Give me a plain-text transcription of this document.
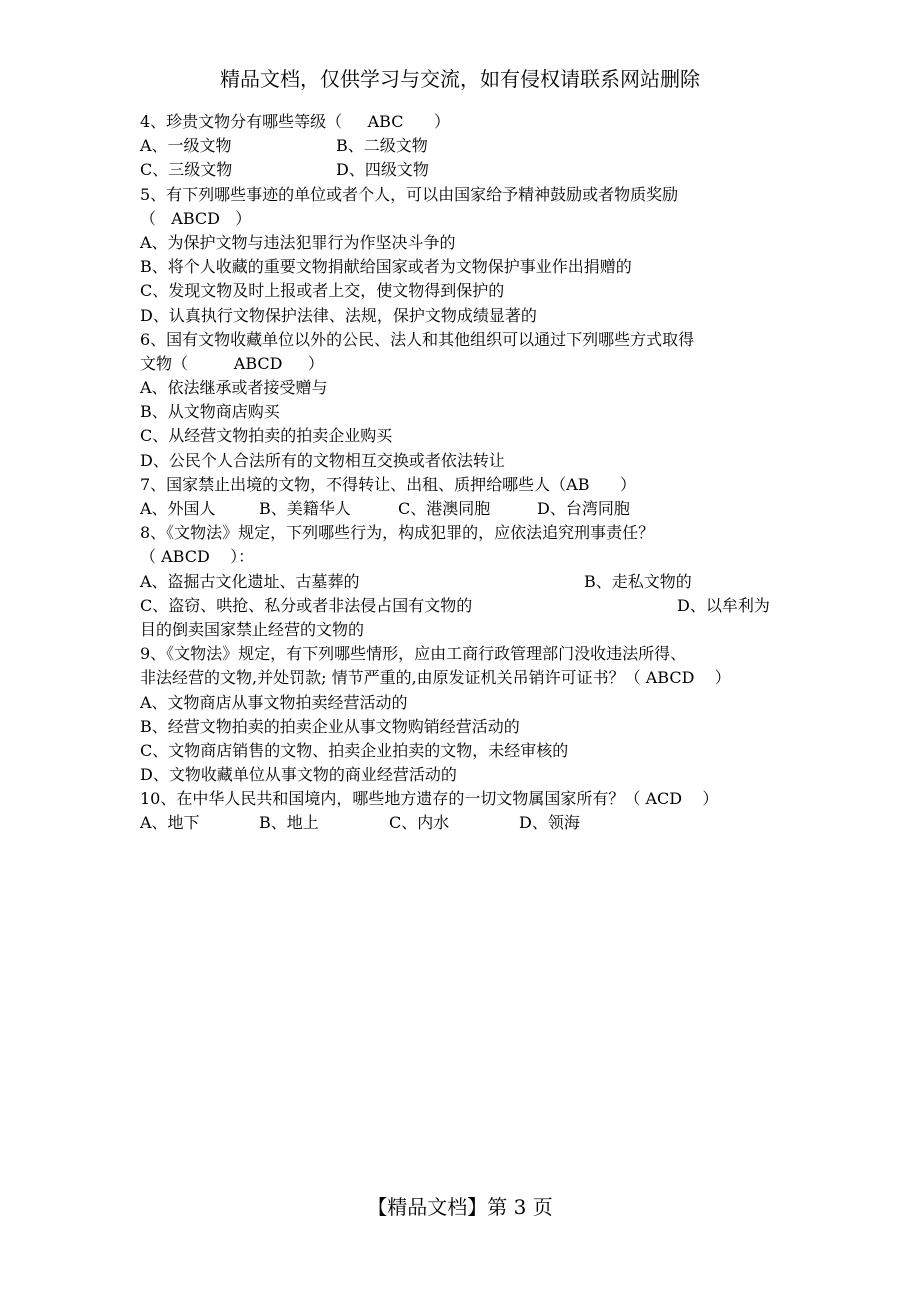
精品文档，仅供学习与交流，如有侵权请联系网站删除
4、珍贵文物分有哪些等级（     ABC      ）
A、一级文物	B、二级文物
C、三级文物	D、四级文物
5、有下列哪些事迹的单位或者个人，可以由国家给予精神鼓励或者物质奖励
（   ABCD   ）
A、为保护文物与违法犯罪行为作坚决斗争的
B、将个人收藏的重要文物捐献给国家或者为文物保护事业作出捐赠的
C、发现文物及时上报或者上交，使文物得到保护的
D、认真执行文物保护法律、法规，保护文物成绩显著的
6、国有文物收藏单位以外的公民、法人和其他组织可以通过下列哪些方式取得
文物（         ABCD     ）
A、依法继承或者接受赠与
B、从文物商店购买
C、从经营文物拍卖的拍卖企业购买
D、公民个人合法所有的文物相互交换或者依法转让
7、国家禁止出境的文物，不得转让、出租、质押给哪些人（AB      ）
A、外国人	B、美籍华人	C、港澳同胞	D、台湾同胞
8、《文物法》规定，下列哪些行为，构成犯罪的，应依法追究刑事责任？
（ ABCD    ）：
A、盗掘古文化遗址、古墓葬的	B、走私文物的
C、盗窃、哄抢、私分或者非法侵占国有文物的	D、以牟利为
目的倒卖国家禁止经营的文物的
9、《文物法》规定，有下列哪些情形，应由工商行政管理部门没收违法所得、
非法经营的文物,并处罚款; 情节严重的,由原发证机关吊销许可证书？（ ABCD    ）
A、文物商店从事文物拍卖经营活动的
B、经营文物拍卖的拍卖企业从事文物购销经营活动的
C、文物商店销售的文物、拍卖企业拍卖的文物，未经审核的
D、文物收藏单位从事文物的商业经营活动的
10、在中华人民共和国境内，哪些地方遗存的一切文物属国家所有？（ ACD    ）
A、地下	B、地上	C、内水	D、领海
【精品文档】第 3 页
